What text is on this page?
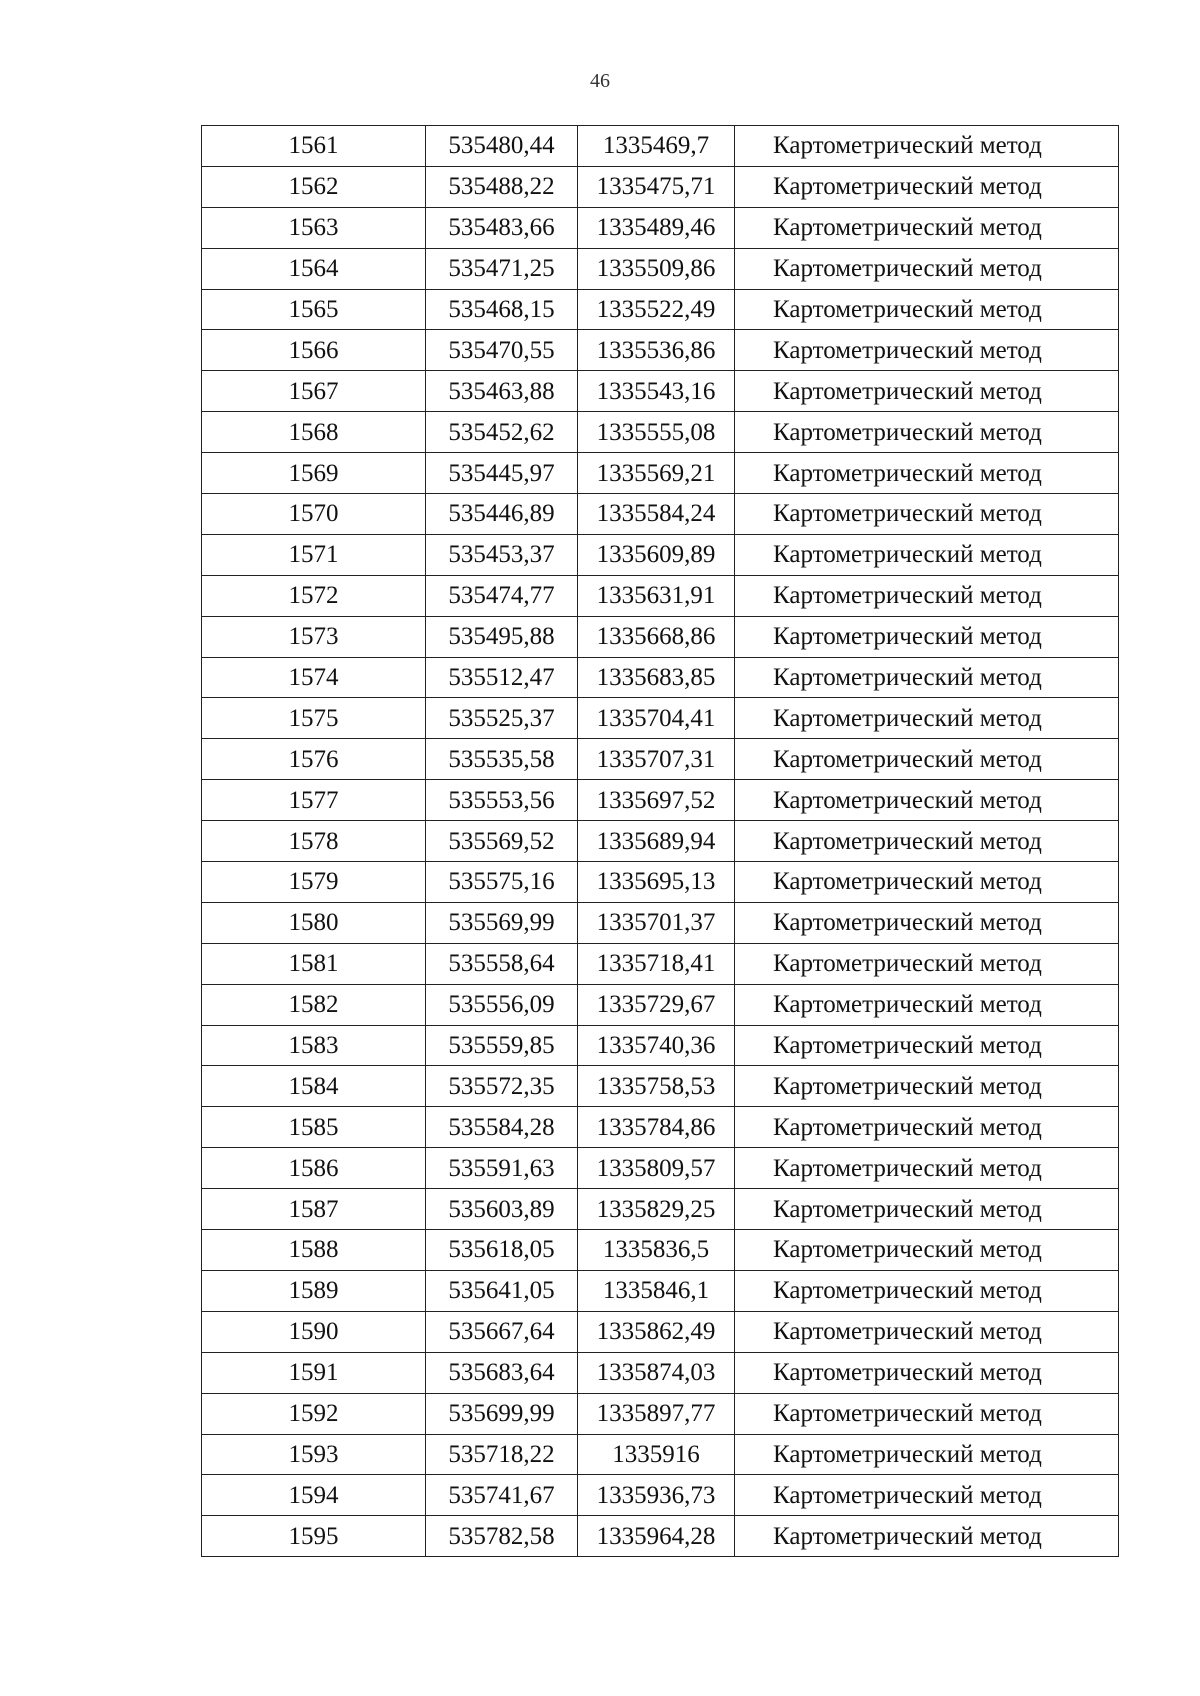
46
1561	535480,44	1335469,7	Картометрический метод
1562	535488,22	1335475,71	Картометрический метод
1563	535483,66	1335489,46	Картометрический метод
1564	535471,25	1335509,86	Картометрический метод
1565	535468,15	1335522,49	Картометрический метод
1566	535470,55	1335536,86	Картометрический метод
1567	535463,88	1335543,16	Картометрический метод
1568	535452,62	1335555,08	Картометрический метод
1569	535445,97	1335569,21	Картометрический метод
1570	535446,89	1335584,24	Картометрический метод
1571	535453,37	1335609,89	Картометрический метод
1572	535474,77	1335631,91	Картометрический метод
1573	535495,88	1335668,86	Картометрический метод
1574	535512,47	1335683,85	Картометрический метод
1575	535525,37	1335704,41	Картометрический метод
1576	535535,58	1335707,31	Картометрический метод
1577	535553,56	1335697,52	Картометрический метод
1578	535569,52	1335689,94	Картометрический метод
1579	535575,16	1335695,13	Картометрический метод
1580	535569,99	1335701,37	Картометрический метод
1581	535558,64	1335718,41	Картометрический метод
1582	535556,09	1335729,67	Картометрический метод
1583	535559,85	1335740,36	Картометрический метод
1584	535572,35	1335758,53	Картометрический метод
1585	535584,28	1335784,86	Картометрический метод
1586	535591,63	1335809,57	Картометрический метод
1587	535603,89	1335829,25	Картометрический метод
1588	535618,05	1335836,5	Картометрический метод
1589	535641,05	1335846,1	Картометрический метод
1590	535667,64	1335862,49	Картометрический метод
1591	535683,64	1335874,03	Картометрический метод
1592	535699,99	1335897,77	Картометрический метод
1593	535718,22	1335916	Картометрический метод
1594	535741,67	1335936,73	Картометрический метод
1595	535782,58	1335964,28	Картометрический метод
